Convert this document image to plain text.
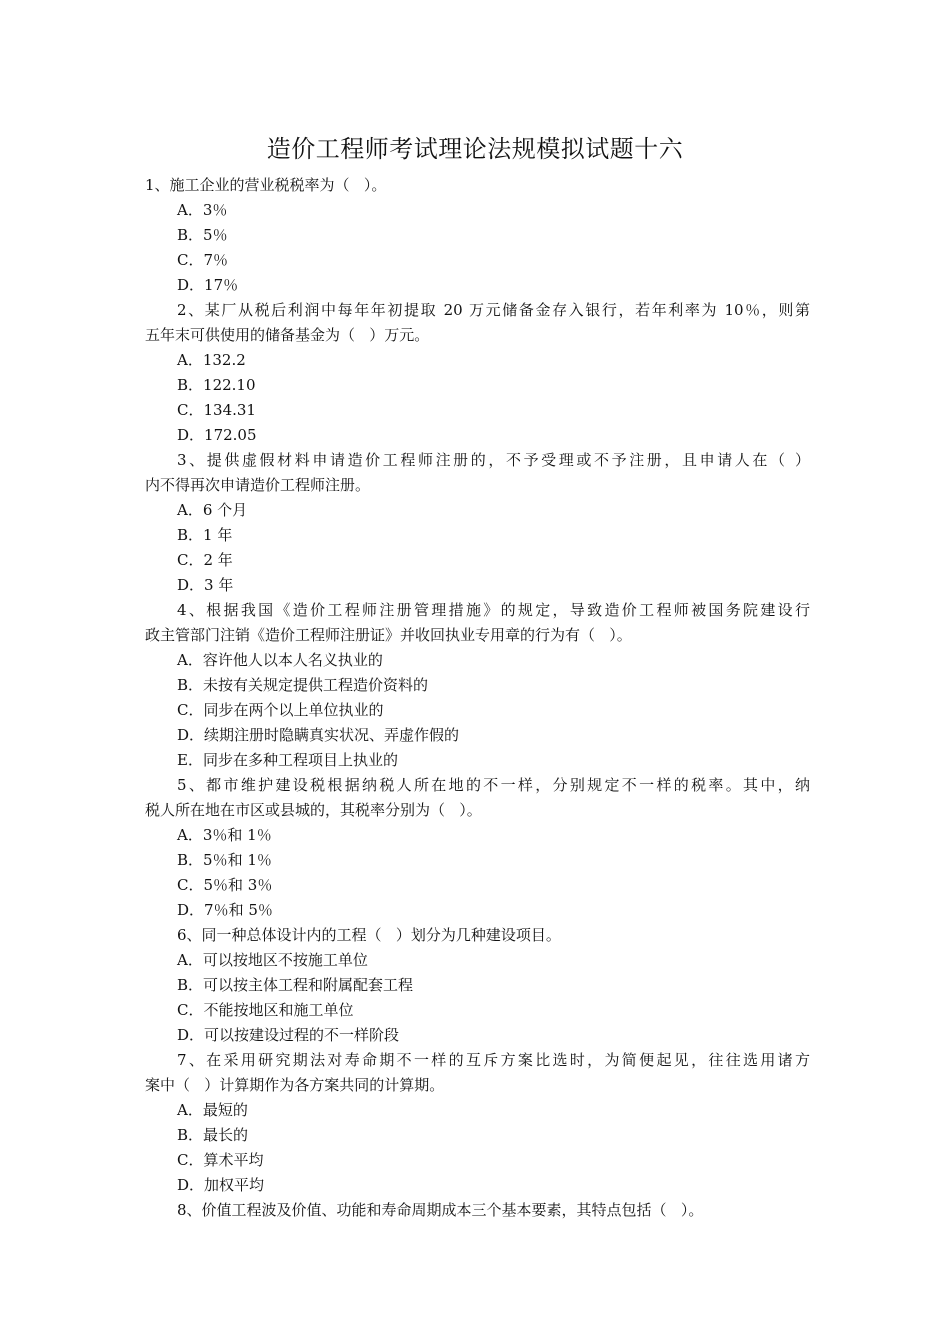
造价工程师考试理论法规模拟试题十六
1、施工企业的营业税税率为（   ）。
A．3％
B．5％
C．7％
D．17％
2、某厂从税后利润中每年年初提取 20 万元储备金存入银行，若年利率为 10％，则第
五年末可供使用的储备基金为（   ）万元。
A．132.2
B．122.10
C．134.31
D．172.05
3、提供虚假材料申请造价工程师注册的，不予受理或不予注册，且申请人在（ ）
内不得再次申请造价工程师注册。
A．6 个月
B．1 年
C．2 年
D．3 年
4、根据我国《造价工程师注册管理措施》的规定，导致造价工程师被国务院建设行
政主管部门注销《造价工程师注册证》并收回执业专用章的行为有（   ）。
A．容许他人以本人名义执业的
B．未按有关规定提供工程造价资料的
C．同步在两个以上单位执业的
D．续期注册时隐瞒真实状况、弄虚作假的
E．同步在多种工程项目上执业的
5、都市维护建设税根据纳税人所在地的不一样，分别规定不一样的税率。其中，纳
税人所在地在市区或县城的，其税率分别为（   ）。
A．3％和 1％
B．5％和 1％
C．5％和 3％
D．7％和 5％
6、同一种总体设计内的工程（   ）划分为几种建设项目。
A．可以按地区不按施工单位
B．可以按主体工程和附属配套工程
C．不能按地区和施工单位
D．可以按建设过程的不一样阶段
7、在采用研究期法对寿命期不一样的互斥方案比选时，为简便起见，往往选用诸方
案中（   ）计算期作为各方案共同的计算期。
A．最短的
B．最长的
C．算术平均
D．加权平均
8、价值工程波及价值、功能和寿命周期成本三个基本要素，其特点包括（   ）。
